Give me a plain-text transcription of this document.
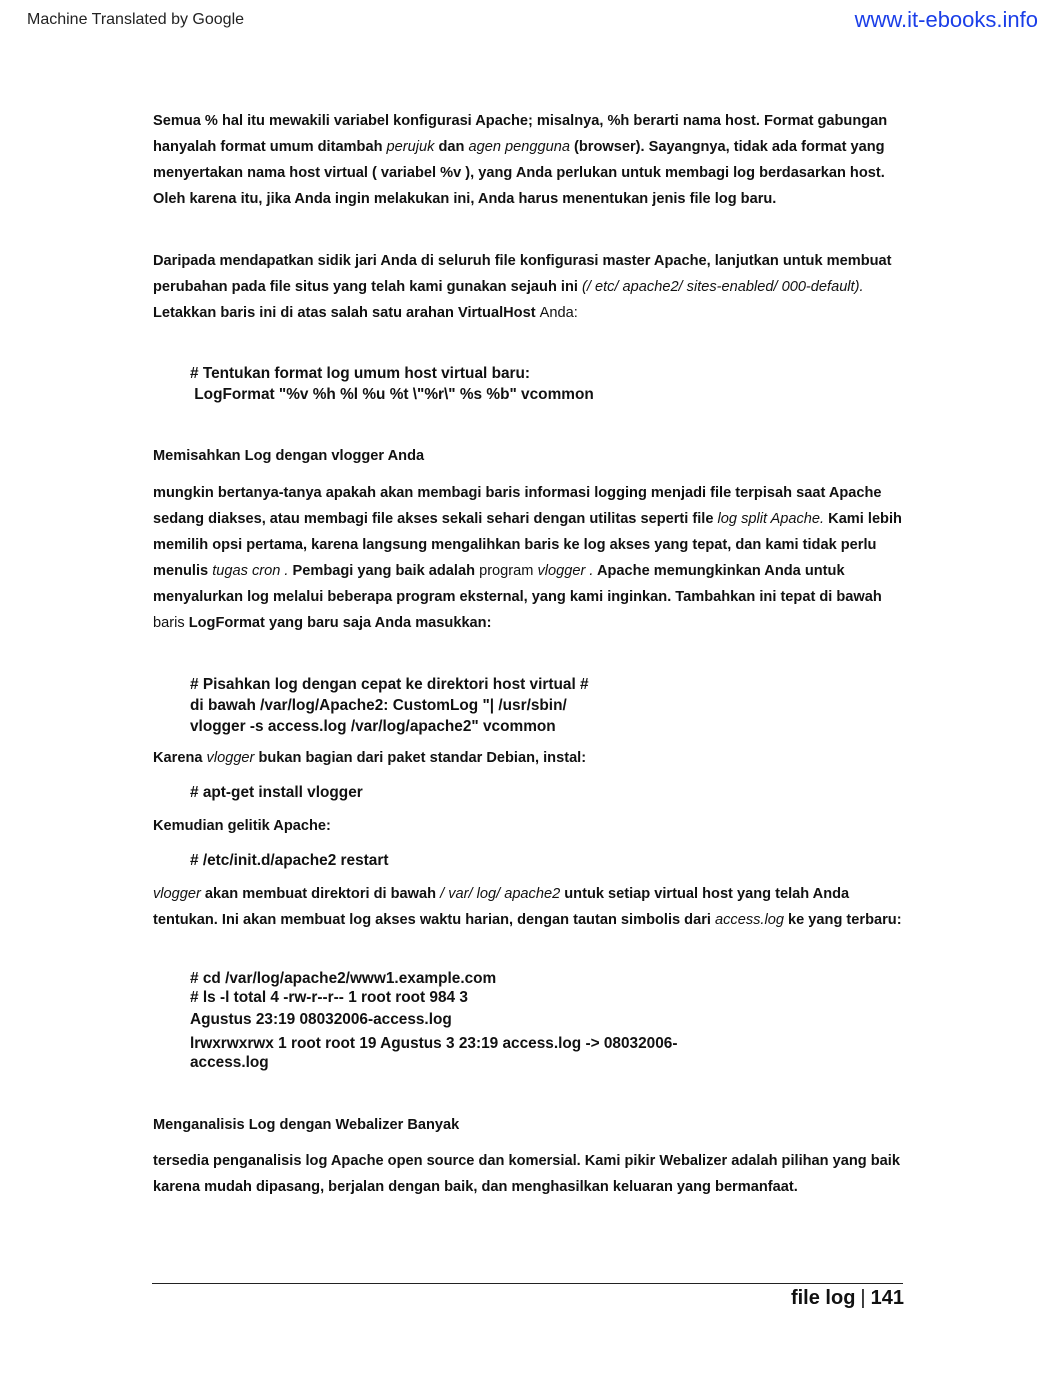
Machine Translated by Google	www.it-ebooks.info
Semua % hal itu mewakili variabel konfigurasi Apache; misalnya, %h berarti nama host. Format gabungan hanyalah format umum ditambah perujuk dan agen pengguna (browser). Sayangnya, tidak ada format yang menyertakan nama host virtual ( variabel %v ), yang Anda perlukan untuk membagi log berdasarkan host. Oleh karena itu, jika Anda ingin melakukan ini, Anda harus menentukan jenis file log baru.
Daripada mendapatkan sidik jari Anda di seluruh file konfigurasi master Apache, lanjutkan untuk membuat perubahan pada file situs yang telah kami gunakan sejauh ini (/ etc/ apache2/ sites-enabled/ 000-default). Letakkan baris ini di atas salah satu arahan VirtualHost Anda:
# Tentukan format log umum host virtual baru:
LogFormat "%v %h %l %u %t \"%r\" %s %b" vcommon
Memisahkan Log dengan vlogger Anda
mungkin bertanya-tanya apakah akan membagi baris informasi logging menjadi file terpisah saat Apache sedang diakses, atau membagi file akses sekali sehari dengan utilitas seperti file log split Apache. Kami lebih memilih opsi pertama, karena langsung mengalihkan baris ke log akses yang tepat, dan kami tidak perlu menulis tugas cron . Pembagi yang baik adalah program vlogger . Apache memungkinkan Anda untuk menyalurkan log melalui beberapa program eksternal, yang kami inginkan. Tambahkan ini tepat di bawah baris LogFormat yang baru saja Anda masukkan:
# Pisahkan log dengan cepat ke direktori host virtual #
di bawah /var/log/Apache2: CustomLog "| /usr/sbin/
vlogger -s access.log /var/log/apache2" vcommon
Karena vlogger bukan bagian dari paket standar Debian, instal:
# apt-get install vlogger
Kemudian gelitik Apache:
# /etc/init.d/apache2 restart
vlogger akan membuat direktori di bawah / var/ log/ apache2 untuk setiap virtual host yang telah Anda tentukan. Ini akan membuat log akses waktu harian, dengan tautan simbolis dari access.log ke yang terbaru:
# cd /var/log/apache2/www1.example.com
# ls -l total 4 -rw-r--r-- 1 root root 984 3
Agustus 23:19 08032006-access.log
lrwxrwxrwx 1 root root 19 Agustus 3 23:19 access.log -> 08032006-
access.log
Menganalisis Log dengan Webalizer Banyak
tersedia penganalisis log Apache open source dan komersial. Kami pikir Webalizer adalah pilihan yang baik karena mudah dipasang, berjalan dengan baik, dan menghasilkan keluaran yang bermanfaat.
file log | 141
